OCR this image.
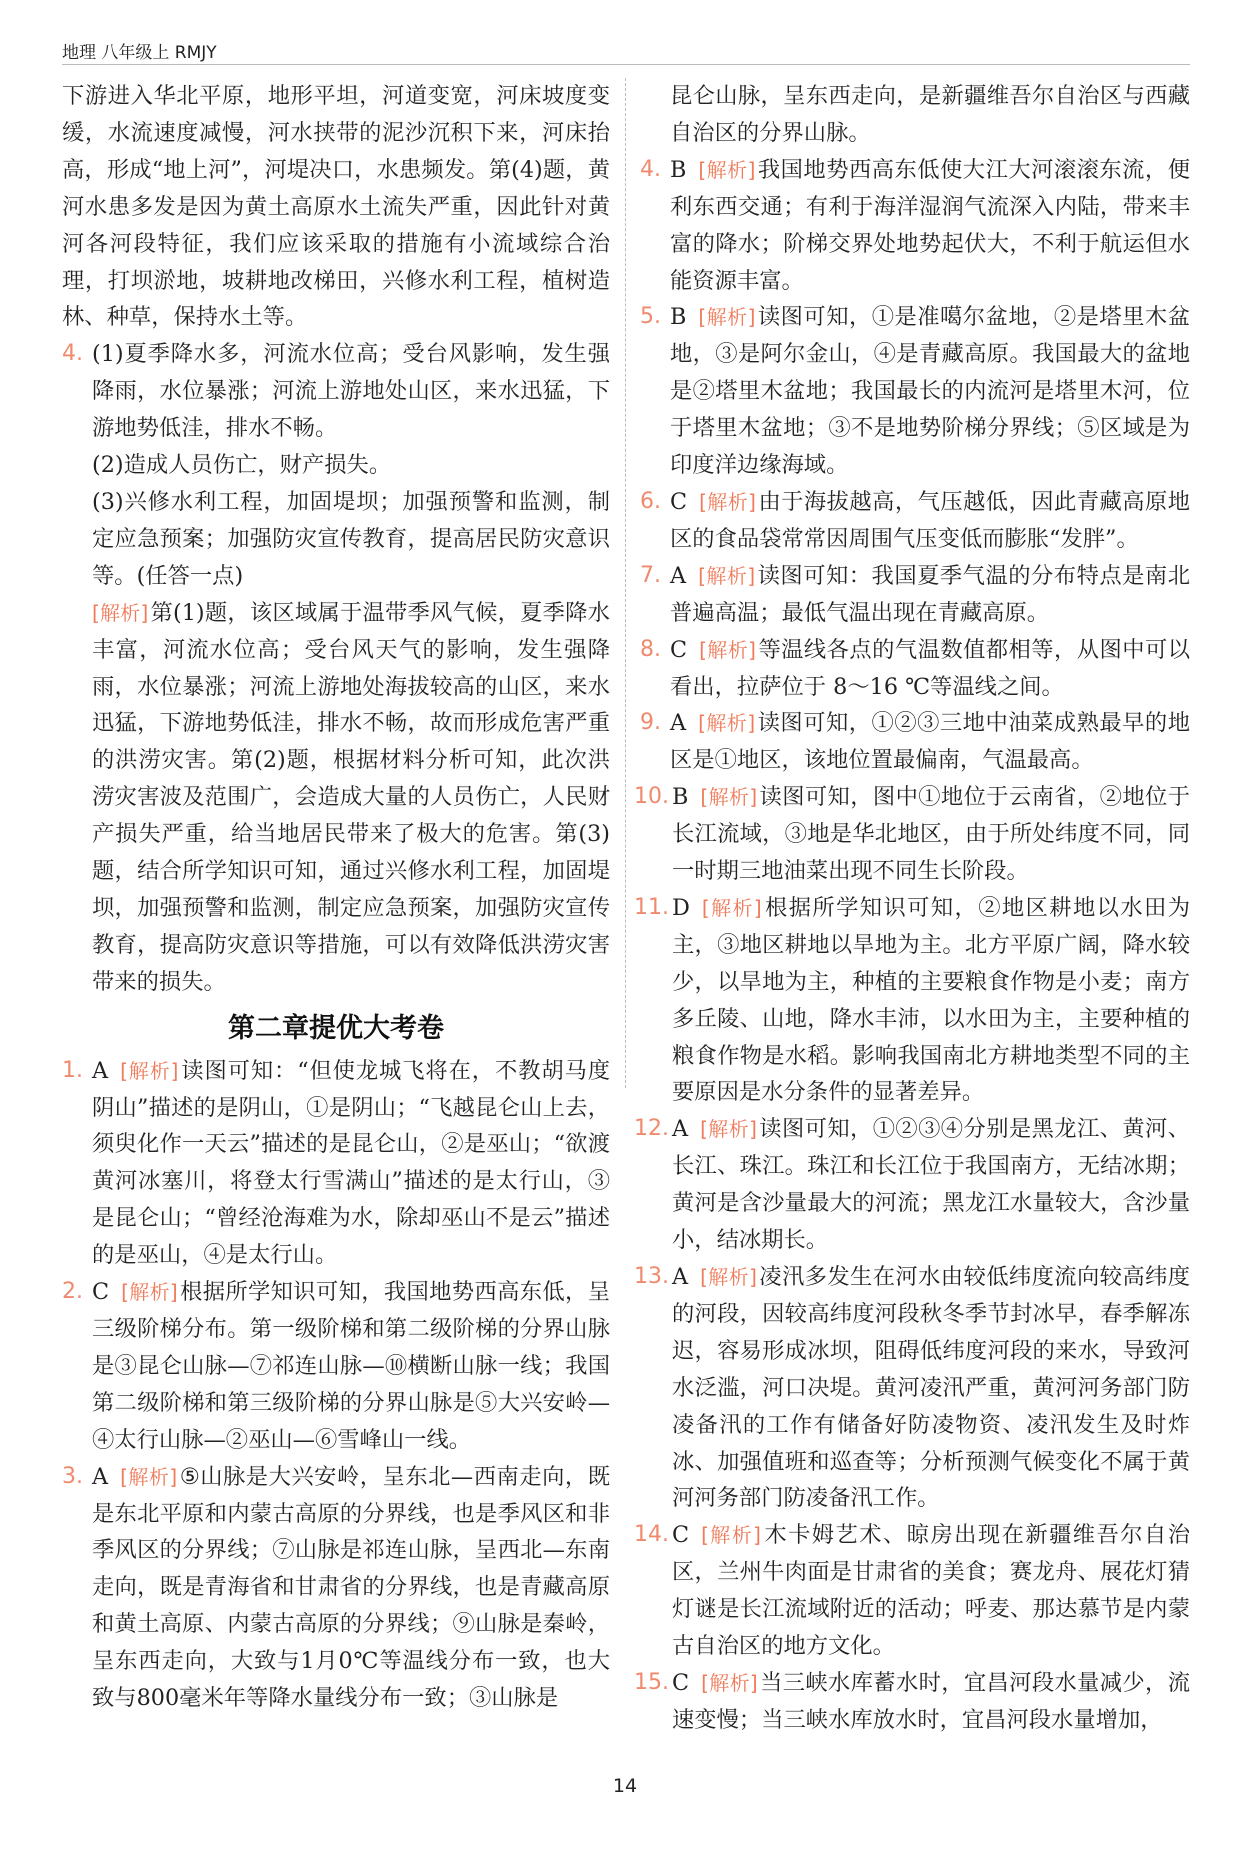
地理 八年级上 RMJY

下游进入华北平原，地形平坦，河道变宽，河床坡度变缓，水流速度减慢，河水挟带的泥沙沉积下来，河床抬高，形成“地上河”，河堤决口，水患频发。第(4)题，黄河水患多发是因为黄土高原水土流失严重，因此针对黄河各河段特征，我们应该采取的措施有小流域综合治理，打坝淤地，坡耕地改梯田，兴修水利工程，植树造林、种草，保持水土等。

4. (1)夏季降水多，河流水位高；受台风影响，发生强降雨，水位暴涨；河流上游地处山区，来水迅猛，下游地势低洼，排水不畅。

(2)造成人员伤亡，财产损失。

(3)兴修水利工程，加固堤坝；加强预警和监测，制定应急预案；加强防灾宣传教育，提高居民防灾意识等。(任答一点)

[解析]第(1)题，该区域属于温带季风气候，夏季降水丰富，河流水位高；受台风天气的影响，发生强降雨，水位暴涨；河流上游地处海拔较高的山区，来水迅猛，下游地势低洼，排水不畅，故而形成危害严重的洪涝灾害。第(2)题，根据材料分析可知，此次洪涝灾害波及范围广，会造成大量的人员伤亡，人民财产损失严重，给当地居民带来了极大的危害。第(3)题，结合所学知识可知，通过兴修水利工程，加固堤坝，加强预警和监测，制定应急预案，加强防灾宣传教育，提高防灾意识等措施，可以有效降低洪涝灾害带来的损失。

第二章提优大考卷
1. A [解析]读图可知：“但使龙城飞将在，不教胡马度阴山”描述的是阴山，①是阴山；“飞越昆仑山上去，须臾化作一天云”描述的是昆仑山，②是巫山；“欲渡黄河冰塞川，将登太行雪满山”描述的是太行山，③是昆仑山；“曾经沧海难为水，除却巫山不是云”描述的是巫山，④是太行山。
2. C [解析]根据所学知识可知，我国地势西高东低，呈三级阶梯分布。第一级阶梯和第二级阶梯的分界山脉是③昆仑山脉—⑦祁连山脉—⑩横断山脉一线；我国第二级阶梯和第三级阶梯的分界山脉是⑤大兴安岭—④太行山脉—②巫山—⑥雪峰山一线。
3. A [解析]⑤山脉是大兴安岭，呈东北—西南走向，既是东北平原和内蒙古高原的分界线，也是季风区和非季风区的分界线；⑦山脉是祁连山脉，呈西北—东南走向，既是青海省和甘肃省的分界线，也是青藏高原和黄土高原、内蒙古高原的分界线；⑨山脉是秦岭，呈东西走向，大致与1月0℃等温线分布一致，也大致与800毫米年等降水量线分布一致；③山脉是

昆仑山脉，呈东西走向，是新疆维吾尔自治区与西藏自治区的分界山脉。

4. B [解析]我国地势西高东低使大江大河滚滚东流，便利东西交通；有利于海洋湿润气流深入内陆，带来丰富的降水；阶梯交界处地势起伏大，不利于航运但水能资源丰富。
5. B [解析]读图可知，①是准噶尔盆地，②是塔里木盆地，③是阿尔金山，④是青藏高原。我国最大的盆地是②塔里木盆地；我国最长的内流河是塔里木河，位于塔里木盆地；③不是地势阶梯分界线；⑤区域是为印度洋边缘海域。
6. C [解析]由于海拔越高，气压越低，因此青藏高原地区的食品袋常常因周围气压变低而膨胀“发胖”。
7. A [解析]读图可知：我国夏季气温的分布特点是南北普遍高温；最低气温出现在青藏高原。
8. C [解析]等温线各点的气温数值都相等，从图中可以看出，拉萨位于 8～16 ℃等温线之间。
9. A [解析]读图可知，①②③三地中油菜成熟最早的地区是①地区，该地位置最偏南，气温最高。
10. B [解析]读图可知，图中①地位于云南省，②地位于长江流域，③地是华北地区，由于所处纬度不同，同一时期三地油菜出现不同生长阶段。
11. D [解析]根据所学知识可知，②地区耕地以水田为主，③地区耕地以旱地为主。北方平原广阔，降水较少，以旱地为主，种植的主要粮食作物是小麦；南方多丘陵、山地，降水丰沛，以水田为主，主要种植的粮食作物是水稻。影响我国南北方耕地类型不同的主要原因是水分条件的显著差异。
12. A [解析]读图可知，①②③④分别是黑龙江、黄河、长江、珠江。珠江和长江位于我国南方，无结冰期；黄河是含沙量最大的河流；黑龙江水量较大，含沙量小，结冰期长。
13. A [解析]凌汛多发生在河水由较低纬度流向较高纬度的河段，因较高纬度河段秋冬季节封冰早，春季解冻迟，容易形成冰坝，阻碍低纬度河段的来水，导致河水泛滥，河口决堤。黄河凌汛严重，黄河河务部门防凌备汛的工作有储备好防凌物资、凌汛发生及时炸冰、加强值班和巡查等；分析预测气候变化不属于黄河河务部门防凌备汛工作。
14. C [解析]木卡姆艺术、晾房出现在新疆维吾尔自治区，兰州牛肉面是甘肃省的美食；赛龙舟、展花灯猜灯谜是长江流域附近的活动；呼麦、那达慕节是内蒙古自治区的地方文化。
15. C [解析]当三峡水库蓄水时，宜昌河段水量减少，流速变慢；当三峡水库放水时，宜昌河段水量增加，
14
